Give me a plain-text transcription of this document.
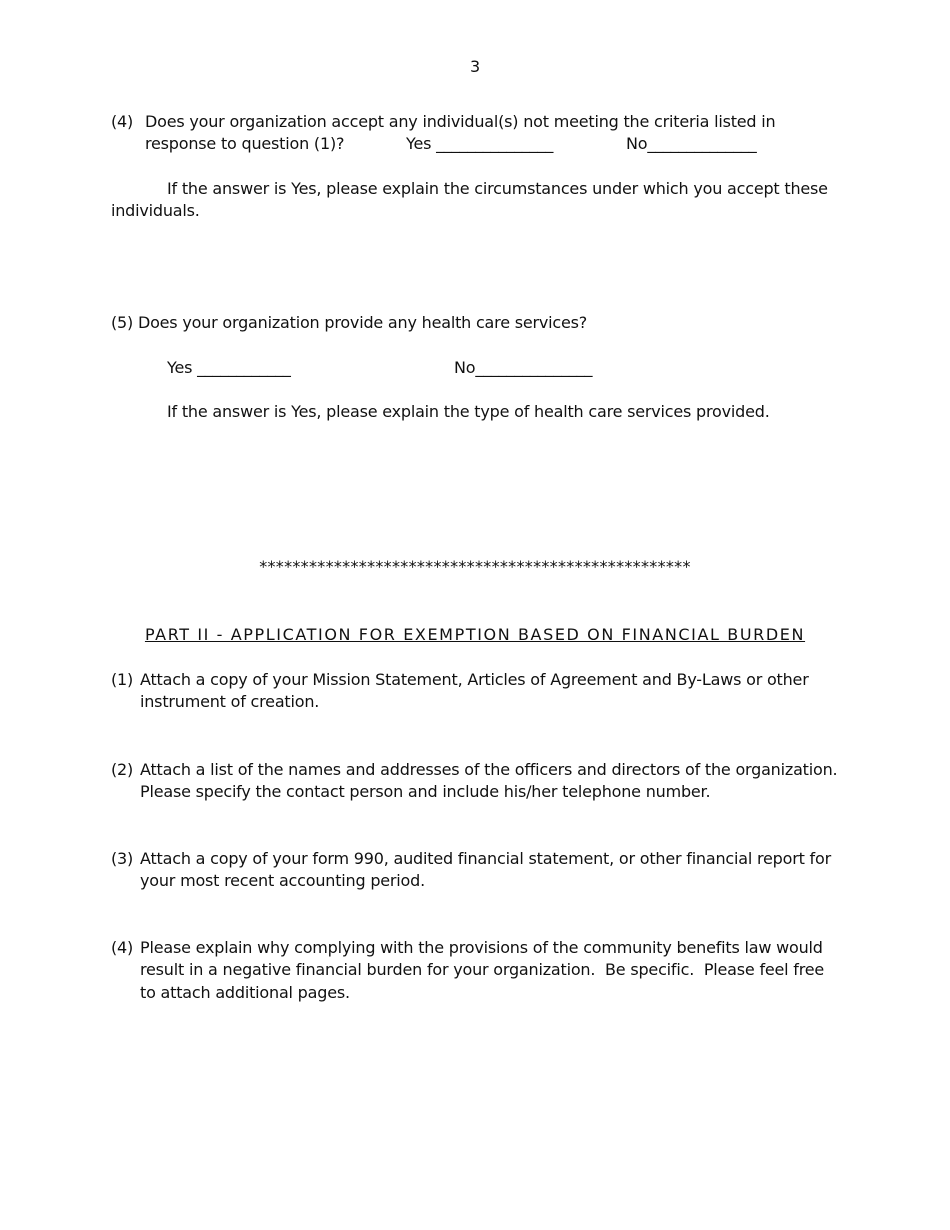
3
(4) Does your organization accept any individual(s) not meeting the criteria listed in
response to question (1)?	Yes _______________	No______________
If the answer is Yes, please explain the circumstances under which you accept these
individuals.
(5) Does your organization provide any health care services?
Yes ____________	No_______________
If the answer is Yes, please explain the type of health care services provided.
****************************************************
PART II - APPLICATION FOR EXEMPTION BASED ON FINANCIAL BURDEN
(1) Attach a copy of your Mission Statement, Articles of Agreement and By-Laws or other
instrument of creation.
(2) Attach a list of the names and addresses of the officers and directors of the organization.
Please specify the contact person and include his/her telephone number.
(3) Attach a copy of your form 990, audited financial statement, or other financial report for
your most recent accounting period.
(4) Please explain why complying with the provisions of the community benefits law would
result in a negative financial burden for your organization.  Be specific.  Please feel free
to attach additional pages.
